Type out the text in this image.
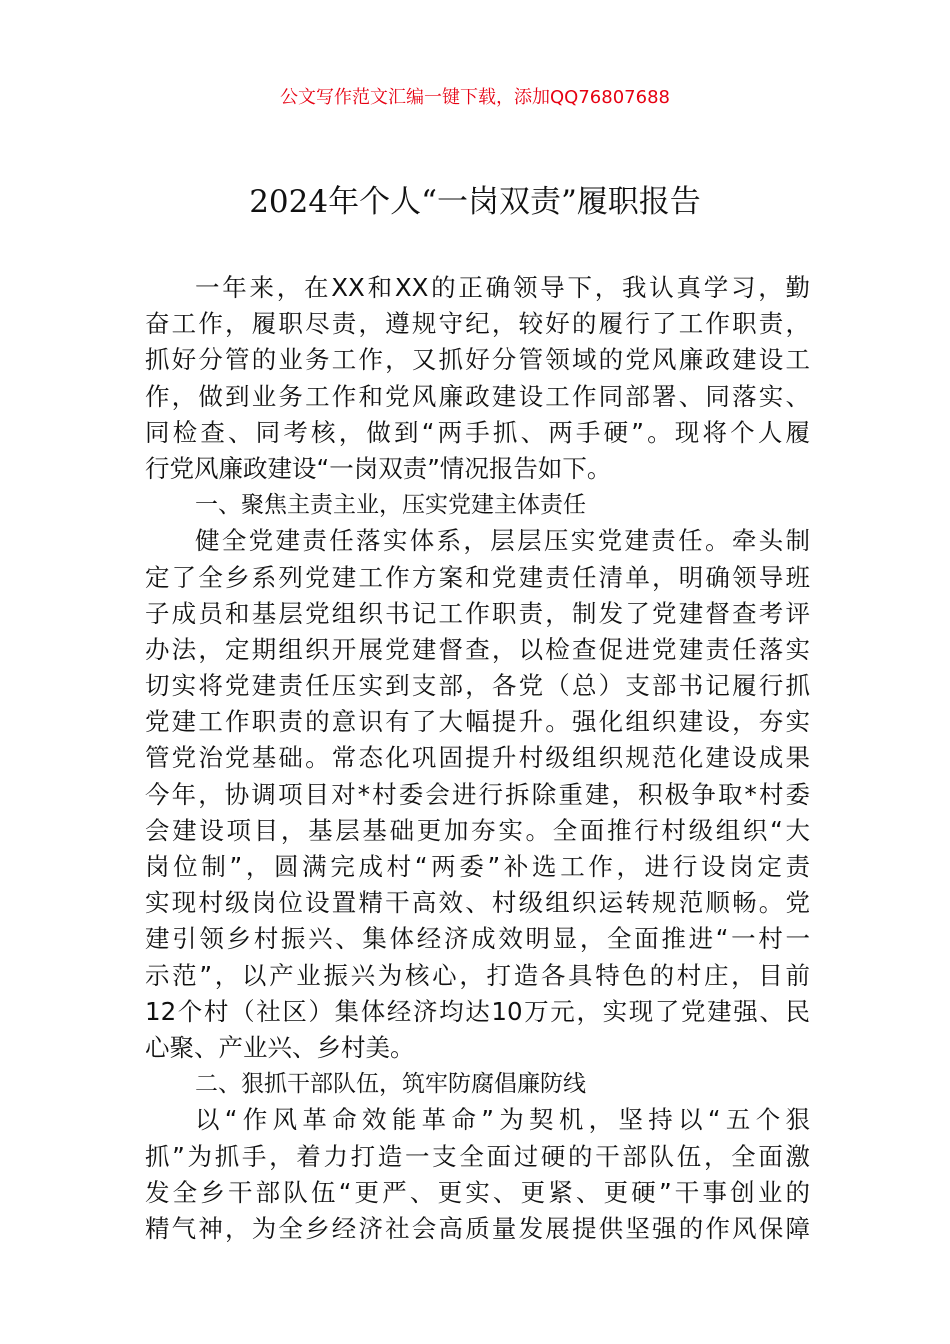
公文写作范文汇编一键下载，添加QQ76807688
2024年个人“一岗双责”履职报告
一年来，在XX和XX的正确领导下，我认真学习，勤
奋工作，履职尽责，遵规守纪，较好的履行了工作职责，
抓好分管的业务工作，又抓好分管领域的党风廉政建设工
作，做到业务工作和党风廉政建设工作同部署、同落实、
同检查、同考核，做到“两手抓、两手硬”。现将个人履
行党风廉政建设“一岗双责”情况报告如下。
一、聚焦主责主业，压实党建主体责任
健全党建责任落实体系，层层压实党建责任。牵头制
定了全乡系列党建工作方案和党建责任清单，明确领导班
子成员和基层党组织书记工作职责，制发了党建督查考评
办法，定期组织开展党建督查，以检查促进党建责任落实
切实将党建责任压实到支部，各党（总）支部书记履行抓
党建工作职责的意识有了大幅提升。强化组织建设，夯实
管党治党基础。常态化巩固提升村级组织规范化建设成果
今年，协调项目对*村委会进行拆除重建，积极争取*村委
会建设项目，基层基础更加夯实。全面推行村级组织“大
岗位制”，圆满完成村“两委”补选工作，进行设岗定责
实现村级岗位设置精干高效、村级组织运转规范顺畅。党
建引领乡村振兴、集体经济成效明显，全面推进“一村一
示范”，以产业振兴为核心，打造各具特色的村庄，目前
12个村（社区）集体经济均达10万元，实现了党建强、民
心聚、产业兴、乡村美。
二、狠抓干部队伍，筑牢防腐倡廉防线
以“作风革命效能革命”为契机，坚持以“五个狠
抓”为抓手，着力打造一支全面过硬的干部队伍，全面激
发全乡干部队伍“更严、更实、更紧、更硬”干事创业的
精气神，为全乡经济社会高质量发展提供坚强的作风保障
